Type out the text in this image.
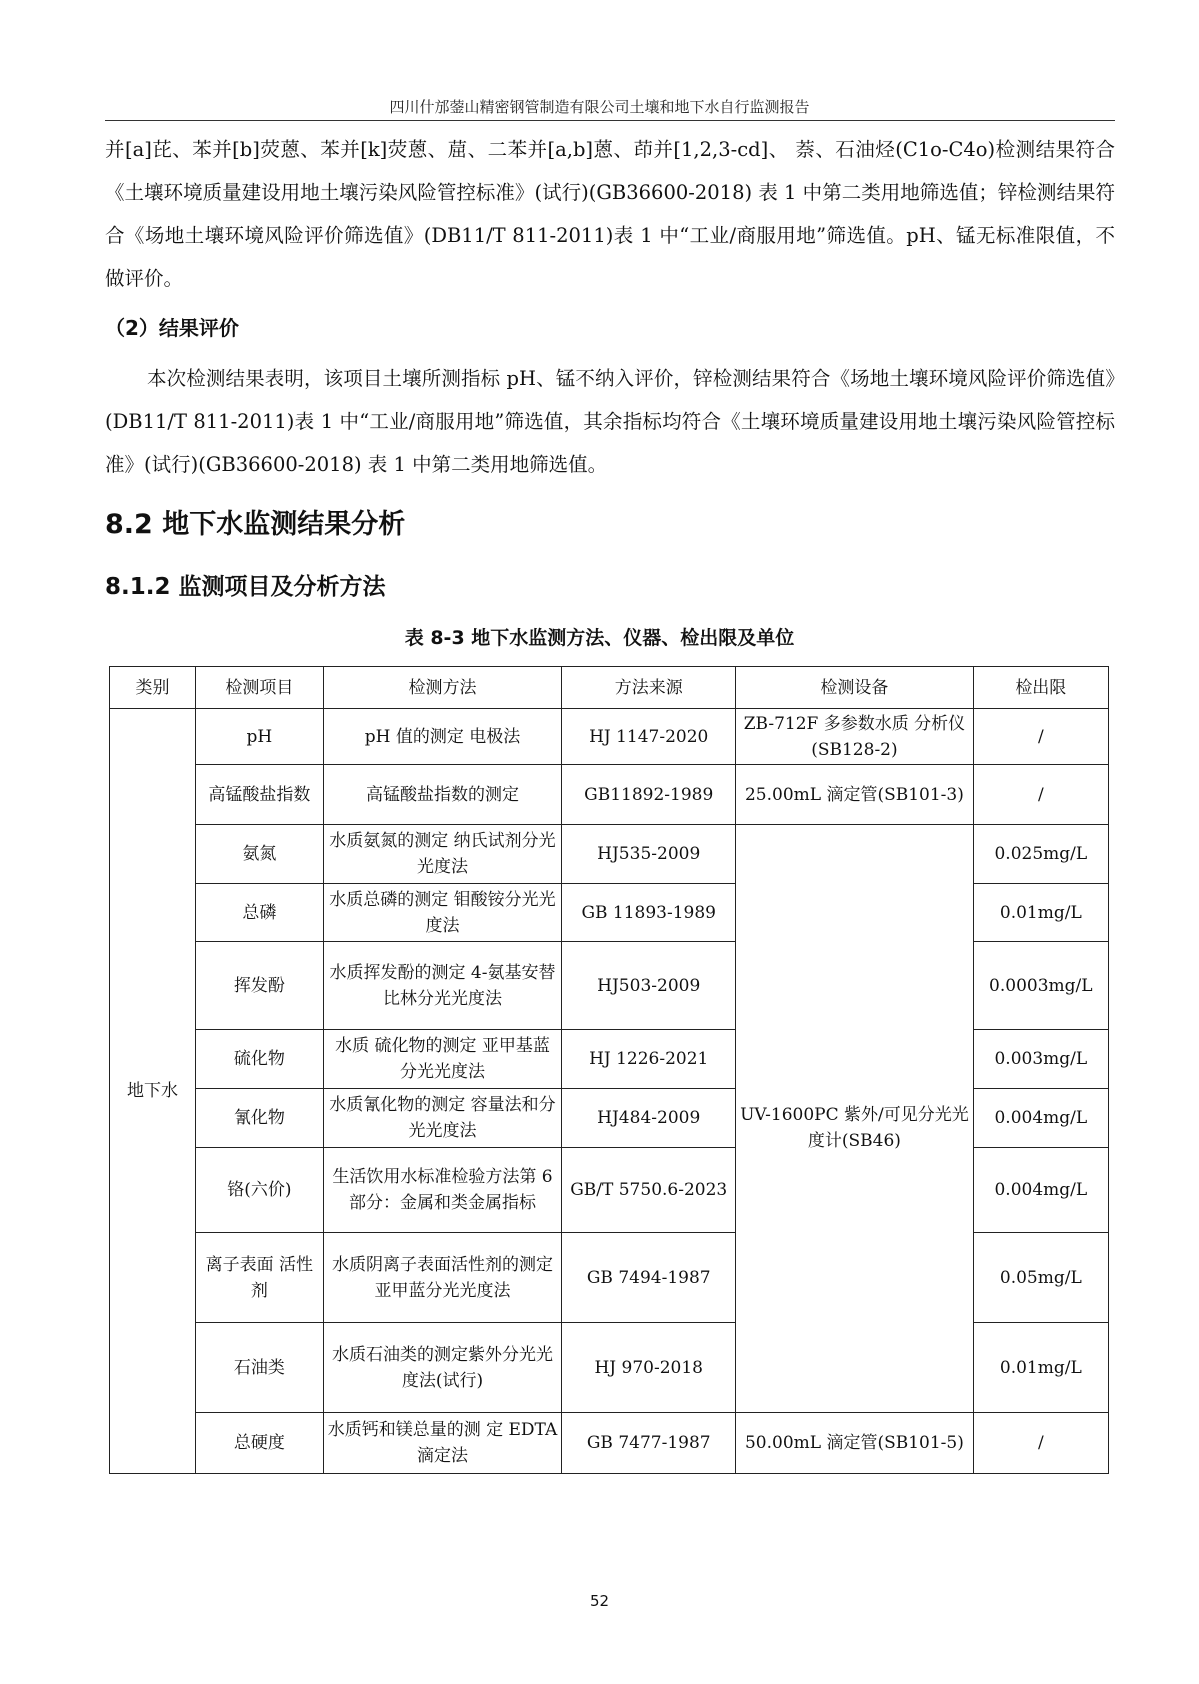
四川什邡蓥山精密钢管制造有限公司土壤和地下水自行监测报告
并[a]芘、苯并[b]荧蒽、苯并[k]荧蒽、䓛、二苯并[a,b]蒽、茚并[1,2,3-cd]、 萘、石油烃(C1o-C4o)检测结果符合《土壤环境质量建设用地土壤污染风险管控标准》(试行)(GB36600-2018) 表 1 中第二类用地筛选值；锌检测结果符合《场地土壤环境风险评价筛选值》(DB11/T 811-2011)表 1 中“工业/商服用地”筛选值。pH、锰无标准限值，不做评价。
（2）结果评价
本次检测结果表明，该项目土壤所测指标 pH、锰不纳入评价，锌检测结果符合《场地土壤环境风险评价筛选值》(DB11/T 811-2011)表 1 中“工业/商服用地”筛选值，其余指标均符合《土壤环境质量建设用地土壤污染风险管控标准》(试行)(GB36600-2018) 表 1 中第二类用地筛选值。
8.2 地下水监测结果分析
8.1.2 监测项目及分析方法
表 8-3 地下水监测方法、仪器、检出限及单位
类别	检测项目	检测方法	方法来源	检测设备	检出限
地下水	pH	pH 值的测定 电极法	HJ 1147-2020	ZB-712F 多参数水质 分析仪(SB128-2)	/
	高锰酸盐指数	高锰酸盐指数的测定	GB11892-1989	25.00mL 滴定管(SB101-3)	/
	氨氮	水质氨氮的测定 纳氏试剂分光光度法	HJ535-2009	UV-1600PC 紫外/可见分光光度计(SB46)	0.025mg/L
	总磷	水质总磷的测定 钼酸铵分光光度法	GB 11893-1989		0.01mg/L
	挥发酚	水质挥发酚的测定 4-氨基安替比林分光光度法	HJ503-2009		0.0003mg/L
	硫化物	水质 硫化物的测定 亚甲基蓝分光光度法	HJ 1226-2021		0.003mg/L
	氰化物	水质氰化物的测定 容量法和分光光度法	HJ484-2009		0.004mg/L
	铬(六价)	生活饮用水标准检验方法第 6 部分：金属和类金属指标	GB/T 5750.6-2023		0.004mg/L
	离子表面 活性剂	水质阴离子表面活性剂的测定 亚甲蓝分光光度法	GB 7494-1987		0.05mg/L
	石油类	水质石油类的测定紫外分光光度法(试行)	HJ 970-2018		0.01mg/L
	总硬度	水质钙和镁总量的测 定 EDTA 滴定法	GB 7477-1987	50.00mL 滴定管(SB101-5)	/
52
